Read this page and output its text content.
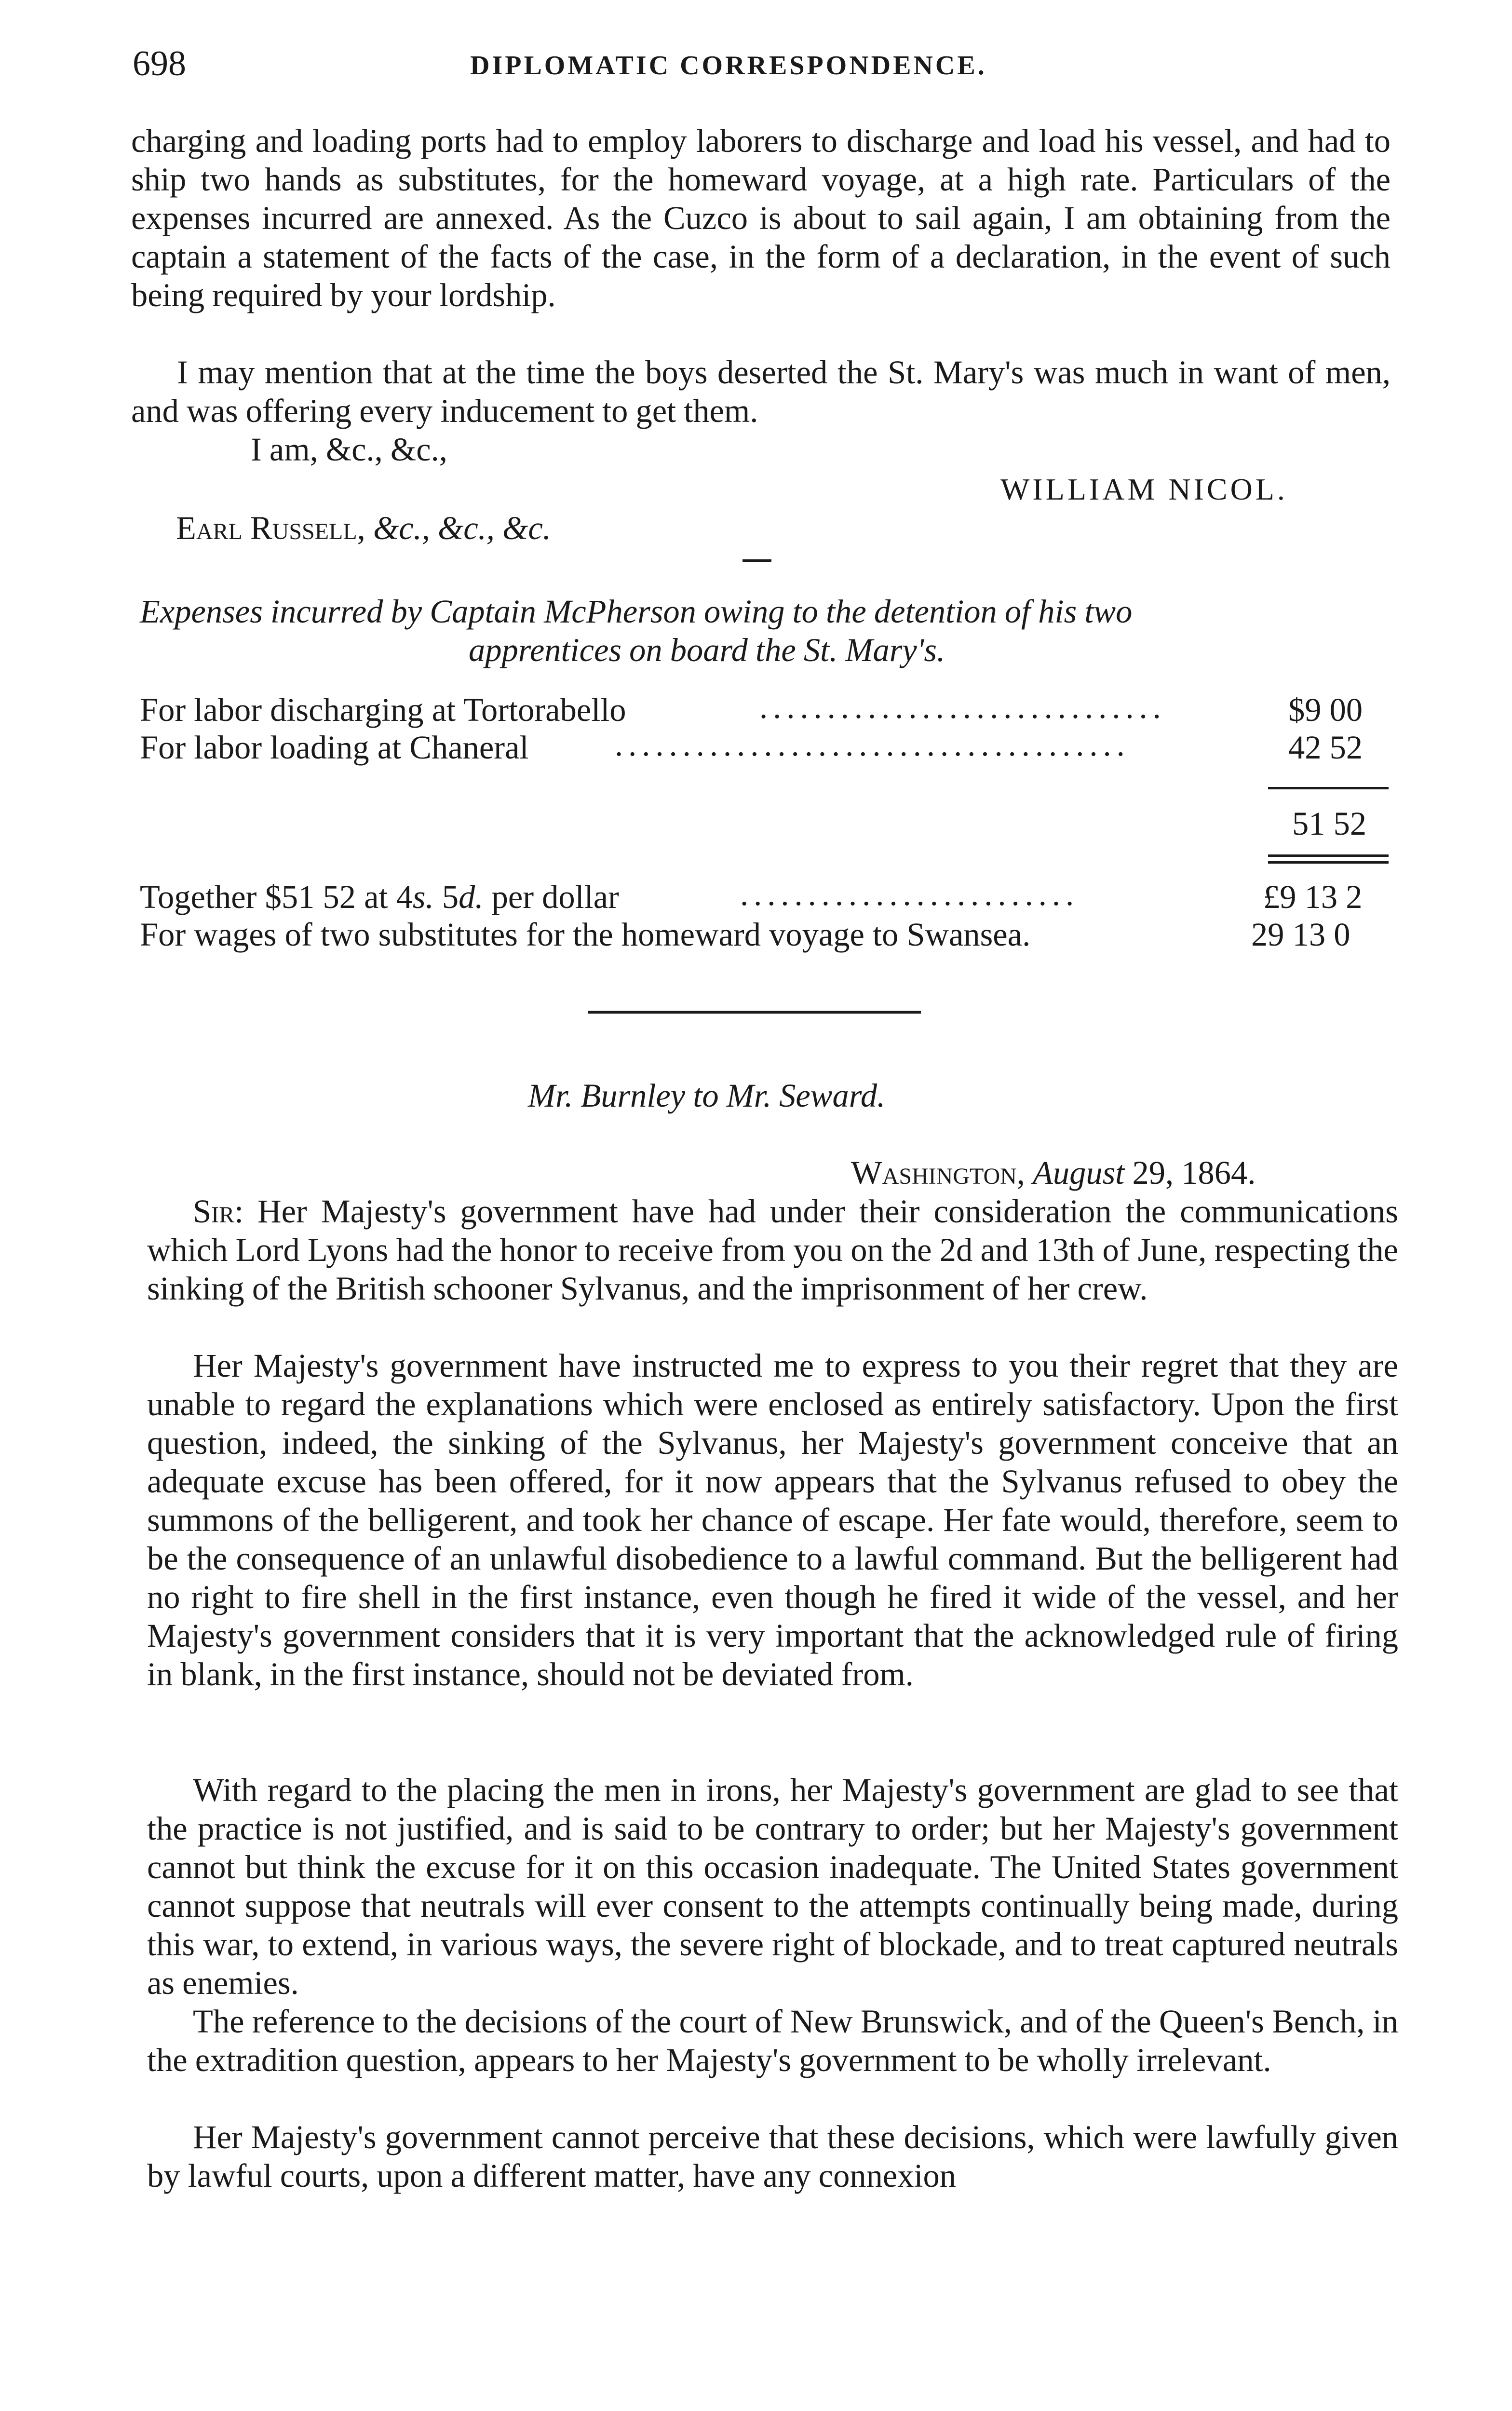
698	DIPLOMATIC CORRESPONDENCE.

charging and loading ports had to employ laborers to discharge and load his vessel, and had to ship two hands as substitutes, for the homeward voyage, at a high rate. Particulars of the expenses incurred are annexed. As the Cuzco is about to sail again, I am obtaining from the captain a statement of the facts of the case, in the form of a declaration, in the event of such being required by your lordship.

I may mention that at the time the boys deserted the St. Mary's was much in want of men, and was offering every inducement to get them.

I am, &c., &c.,

WILLIAM NICOL.

Earl Russell, &c., &c., &c.

Expenses incurred by Captain McPherson owing to the detention of his two

apprentices on board the St. Mary's.

For labor discharging at Tortorabello	..............................	$9 00
For labor loading at Chaneral	......................................	42 52
51 52
Together $51 52 at 4s. 5d. per dollar	.........................	£9 13 2
For wages of two substitutes for the homeward voyage to Swansea.	29 13 0

Mr. Burnley to Mr. Seward.

Washington, August 29, 1864.

Sir: Her Majesty's government have had under their consideration the communications which Lord Lyons had the honor to receive from you on the 2d and 13th of June, respecting the sinking of the British schooner Sylvanus, and the imprisonment of her crew.

Her Majesty's government have instructed me to express to you their regret that they are unable to regard the explanations which were enclosed as entirely satisfactory. Upon the first question, indeed, the sinking of the Sylvanus, her Majesty's government conceive that an adequate excuse has been offered, for it now appears that the Sylvanus refused to obey the summons of the belligerent, and took her chance of escape. Her fate would, therefore, seem to be the consequence of an unlawful disobedience to a lawful command. But the belligerent had no right to fire shell in the first instance, even though he fired it wide of the vessel, and her Majesty's government considers that it is very important that the acknowledged rule of firing in blank, in the first instance, should not be deviated from.

With regard to the placing the men in irons, her Majesty's government are glad to see that the practice is not justified, and is said to be contrary to order; but her Majesty's government cannot but think the excuse for it on this occasion inadequate. The United States government cannot suppose that neutrals will ever consent to the attempts continually being made, during this war, to extend, in various ways, the severe right of blockade, and to treat captured neutrals as enemies.

The reference to the decisions of the court of New Brunswick, and of the Queen's Bench, in the extradition question, appears to her Majesty's government to be wholly irrelevant.

Her Majesty's government cannot perceive that these decisions, which were lawfully given by lawful courts, upon a different matter, have any connexion
